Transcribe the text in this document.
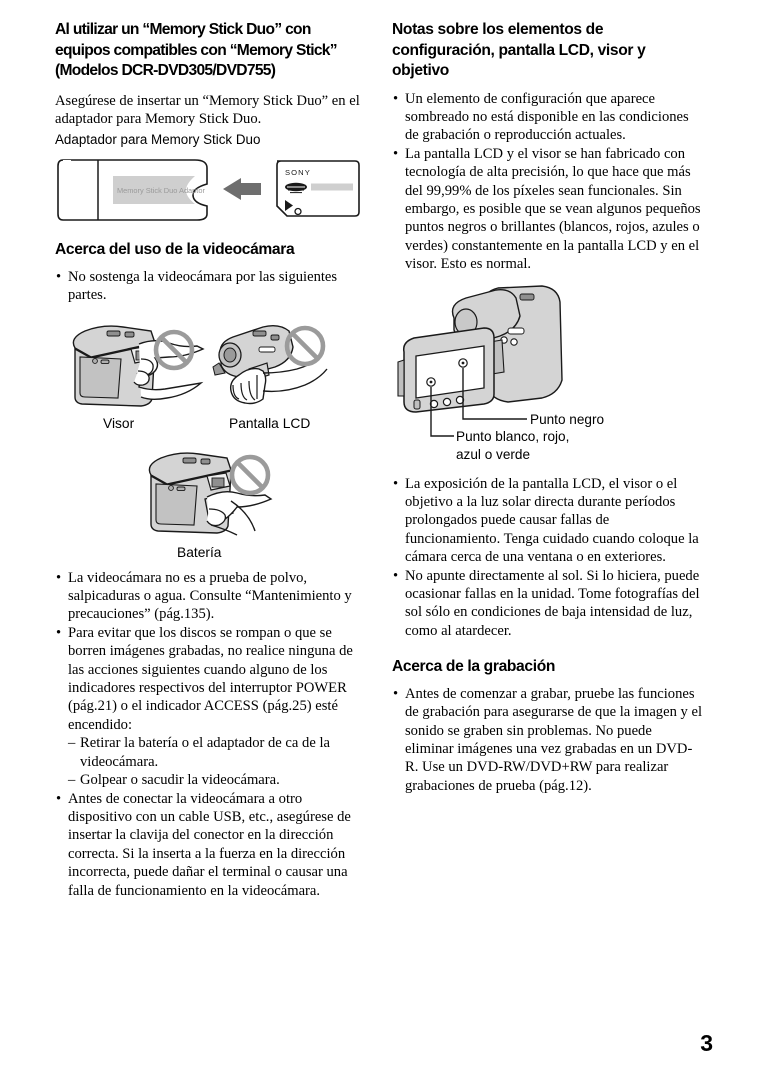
Al utilizar un “Memory Stick Duo” con equipos compatibles con “Memory Stick” (Modelos DCR-DVD305/DVD755)

Asegúrese de insertar un “Memory Stick Duo” en el adaptador para Memory Stick Duo.

Adaptador para Memory Stick Duo

Memory Stick Duo Adaptor
SONY
Acerca del uso de la videocámara
• No sostenga la videocámara por las siguientes partes.
Visor	Pantalla LCD
Batería
• La videocámara no es a prueba de polvo, salpicaduras o agua. Consulte “Mantenimiento y precauciones” (pág.135).
• Para evitar que los discos se rompan o que se borren imágenes grabadas, no realice ninguna de las acciones siguientes cuando alguno de los indicadores respectivos del interruptor POWER (pág.21) o el indicador ACCESS (pág.25) esté encendido:
– Retirar la batería o el adaptador de ca de la videocámara.
– Golpear o sacudir la videocámara.
• Antes de conectar la videocámara a otro dispositivo con un cable USB, etc., asegúrese de insertar la clavija del conector en la dirección correcta. Si la inserta a la fuerza en la dirección incorrecta, puede dañar el terminal o causar una falla de funcionamiento en la videocámara.
Notas sobre los elementos de configuración, pantalla LCD, visor y objetivo
• Un elemento de configuración que aparece sombreado no está disponible en las condiciones de grabación o reproducción actuales.
• La pantalla LCD y el visor se han fabricado con tecnología de alta precisión, lo que hace que más del 99,99% de los píxeles sean funcionales. Sin embargo, es posible que se vean algunos pequeños puntos negros o brillantes (blancos, rojos, azules o verdes) constantemente en la pantalla LCD y en el visor. Esto es normal.
Punto negro
Punto blanco, rojo,
azul o verde
• La exposición de la pantalla LCD, el visor o el objetivo a la luz solar directa durante períodos prolongados puede causar fallas de funcionamiento. Tenga cuidado cuando coloque la cámara cerca de una ventana o en exteriores.
• No apunte directamente al sol. Si lo hiciera, puede ocasionar fallas en la unidad. Tome fotografías del sol sólo en condiciones de baja intensidad de luz, como al atardecer.
Acerca de la grabación
• Antes de comenzar a grabar, pruebe las funciones de grabación para asegurarse de que la imagen y el sonido se graben sin problemas. No puede eliminar imágenes una vez grabadas en un DVD-R. Use un DVD-RW/DVD+RW para realizar grabaciones de prueba (pág.12).
3
